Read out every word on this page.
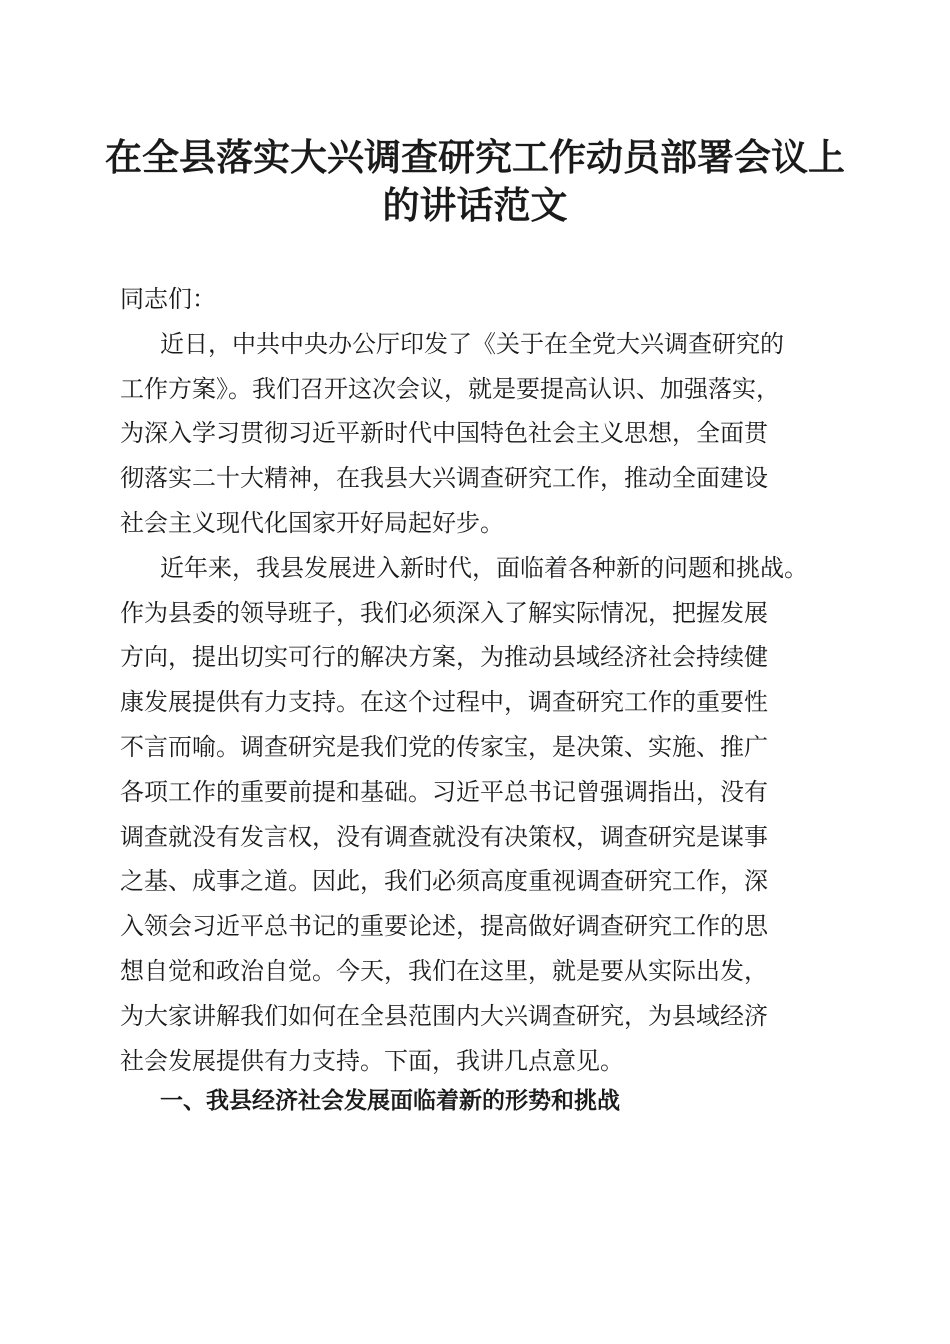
在全县落实大兴调查研究工作动员部署会议上
的讲话范文

同志们：

近日，中共中央办公厅印发了《关于在全党大兴调查研究的
工作方案》。我们召开这次会议，就是要提高认识、加强落实，
为深入学习贯彻习近平新时代中国特色社会主义思想，全面贯
彻落实二十大精神，在我县大兴调查研究工作，推动全面建设
社会主义现代化国家开好局起好步。

近年来，我县发展进入新时代，面临着各种新的问题和挑战。
作为县委的领导班子，我们必须深入了解实际情况，把握发展
方向，提出切实可行的解决方案，为推动县域经济社会持续健
康发展提供有力支持。在这个过程中，调查研究工作的重要性
不言而喻。调查研究是我们党的传家宝，是决策、实施、推广
各项工作的重要前提和基础。习近平总书记曾强调指出，没有
调查就没有发言权，没有调查就没有决策权，调查研究是谋事
之基、成事之道。因此，我们必须高度重视调查研究工作，深
入领会习近平总书记的重要论述，提高做好调查研究工作的思
想自觉和政治自觉。今天，我们在这里，就是要从实际出发，
为大家讲解我们如何在全县范围内大兴调查研究，为县域经济
社会发展提供有力支持。下面，我讲几点意见。

一、我县经济社会发展面临着新的形势和挑战
